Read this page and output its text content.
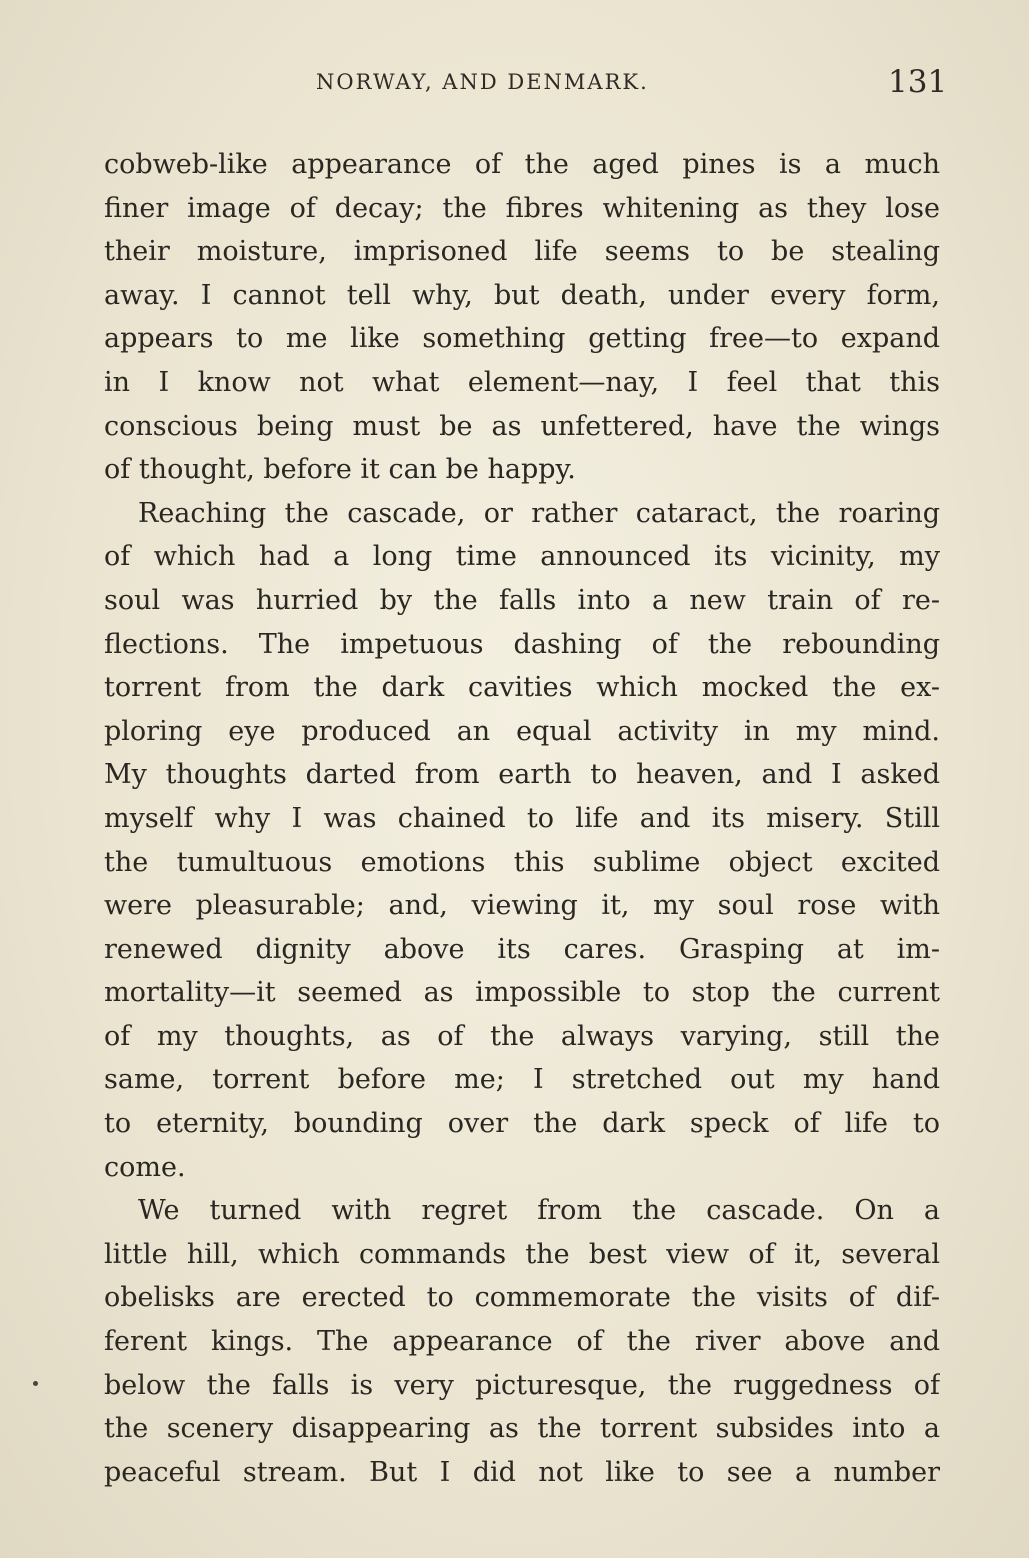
NORWAY, AND DENMARK.	131
cobweb-like appearance of the aged pines is a much
finer image of decay; the fibres whitening as they lose
their moisture, imprisoned life seems to be stealing
away. I cannot tell why, but death, under every form,
appears to me like something getting free—to expand
in I know not what element—nay, I feel that this
conscious being must be as unfettered, have the wings
of thought, before it can be happy.
Reaching the cascade, or rather cataract, the roaring
of which had a long time announced its vicinity, my
soul was hurried by the falls into a new train of re-
flections. The impetuous dashing of the rebounding
torrent from the dark cavities which mocked the ex-
ploring eye produced an equal activity in my mind.
My thoughts darted from earth to heaven, and I asked
myself why I was chained to life and its misery. Still
the tumultuous emotions this sublime object excited
were pleasurable; and, viewing it, my soul rose with
renewed dignity above its cares. Grasping at im-
mortality—it seemed as impossible to stop the current
of my thoughts, as of the always varying, still the
same, torrent before me; I stretched out my hand
to eternity, bounding over the dark speck of life to
come.
We turned with regret from the cascade. On a
little hill, which commands the best view of it, several
obelisks are erected to commemorate the visits of dif-
ferent kings. The appearance of the river above and
below the falls is very picturesque, the ruggedness of
the scenery disappearing as the torrent subsides into a
peaceful stream. But I did not like to see a number
